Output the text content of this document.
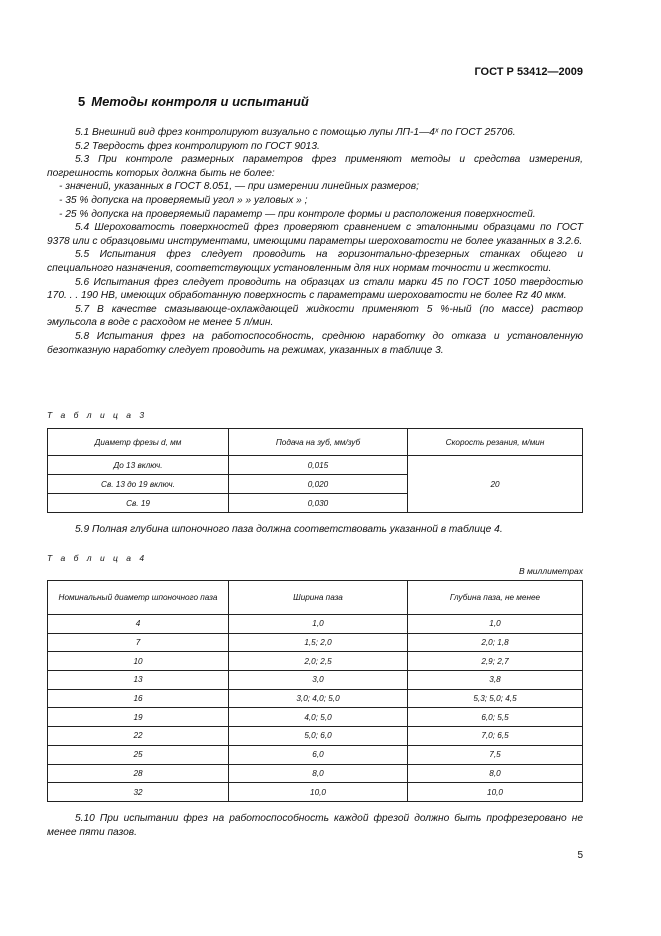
ГОСТ Р 53412—2009
5 Методы контроля и испытаний

5.1 Внешний вид фрез контролируют визуально с помощью лупы ЛП-1—4ˣ по ГОСТ 25706.

5.2 Твердость фрез контролируют по ГОСТ 9013.

5.3 При контроле размерных параметров фрез применяют методы и средства измерения, погрешность которых должна быть не более:

- значений, указанных в ГОСТ 8.051, — при измерении линейных размеров;

- 35 % допуска на проверяемый угол » » угловых » ;

- 25 % допуска на проверяемый параметр — при контроле формы и расположения поверхностей.

5.4 Шероховатость поверхностей фрез проверяют сравнением с эталонными образцами по ГОСТ 9378 или с образцовыми инструментами, имеющими параметры шероховатости не более указанных в 3.2.6.

5.5 Испытания фрез следует проводить на горизонтально-фрезерных станках общего и специального назначения, соответствующих установленным для них нормам точности и жесткости.

5.6 Испытания фрез следует проводить на образцах из стали марки 45 по ГОСТ 1050 твердостью 170. . . 190 НВ, имеющих обработанную поверхность с параметрами шероховатости не более Rz 40 мкм.

5.7 В качестве смазывающе-охлаждающей жидкости применяют 5 %-ный (по массе) раствор эмульсола в воде с расходом не менее 5 л/мин.

5.8 Испытания фрез на работоспособность, среднюю наработку до отказа и установленную безотказную наработку следует проводить на режимах, указанных в таблице 3.

Т а б л и ц а 3
Диаметр фрезы d, мм	Подача на зуб, мм/зуб	Скорость резания, м/мин
До 13 включ.	0,015	20
Св. 13 до 19 включ.	0,020	
Св. 19	0,030	
5.9 Полная глубина шпоночного паза должна соответствовать указанной в таблице 4.
Т а б л и ц а 4
В миллиметрах
Номинальный диаметр шпоночного паза	Ширина паза	Глубина паза, не менее
4	1,0	1,0
7	1,5; 2,0	2,0; 1,8
10	2,0; 2,5	2,9; 2,7
13	3,0	3,8
16	3,0; 4,0; 5,0	5,3; 5,0; 4,5
19	4,0; 5,0	6,0; 5,5
22	5,0; 6,0	7,0; 6,5
25	6,0	7,5
28	8,0	8,0
32	10,0	10,0
5.10 При испытании фрез на работоспособность каждой фрезой должно быть профрезеровано не менее пяти пазов.
5
